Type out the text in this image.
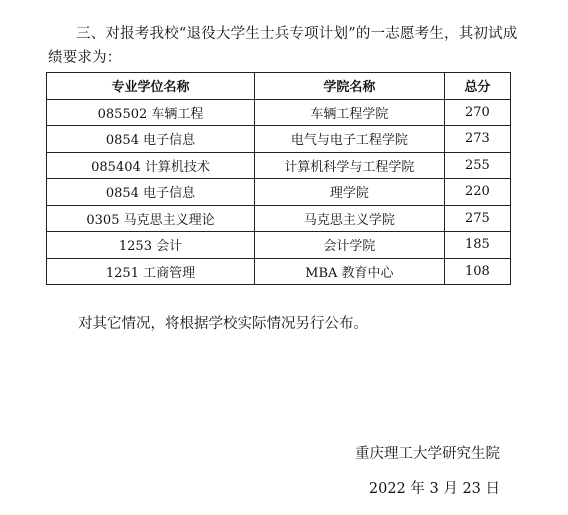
三、对报考我校“退役大学生士兵专项计划”的一志愿考生，其初试成绩要求为：
专业学位名称	学院名称	总分
085502 车辆工程	车辆工程学院	270
0854 电子信息	电气与电子工程学院	273
085404 计算机技术	计算机科学与工程学院	255
0854 电子信息	理学院	220
0305 马克思主义理论	马克思主义学院	275
1253 会计	会计学院	185
1251 工商管理	MBA 教育中心	108
对其它情况，将根据学校实际情况另行公布。
重庆理工大学研究生院
2022 年 3 月 23 日
